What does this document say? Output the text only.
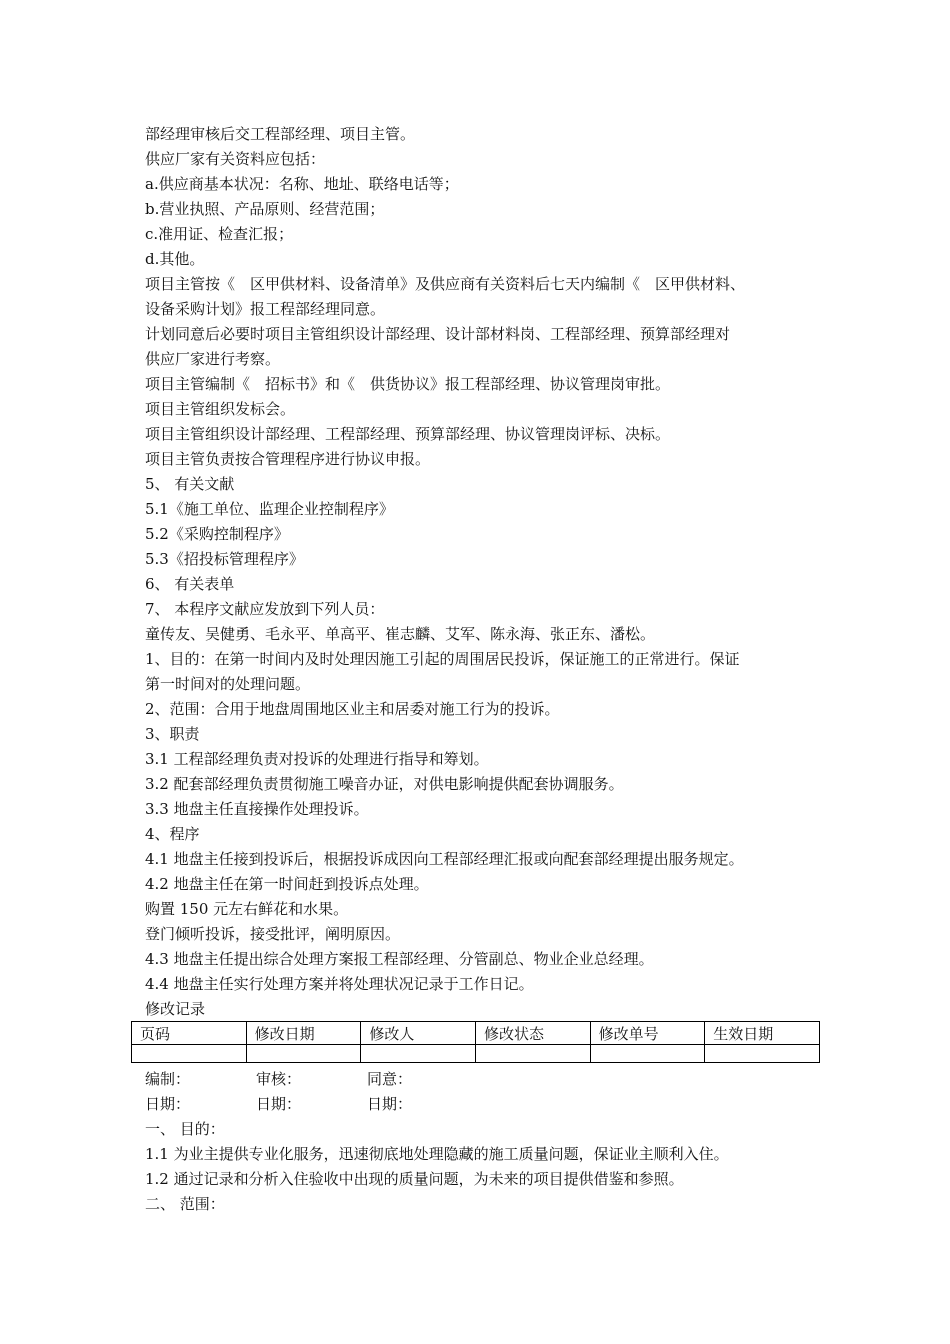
部经理审核后交工程部经理、项目主管。
供应厂家有关资料应包括：
a.供应商基本状况：名称、地址、联络电话等；
b.营业执照、产品原则、经营范围；
c.准用证、检查汇报；
d.其他。
项目主管按《　区甲供材料、设备清单》及供应商有关资料后七天内编制《　区甲供材料、
设备采购计划》报工程部经理同意。
计划同意后必要时项目主管组织设计部经理、设计部材料岗、工程部经理、预算部经理对
供应厂家进行考察。
项目主管编制《　招标书》和《　供货协议》报工程部经理、协议管理岗审批。
项目主管组织发标会。
项目主管组织设计部经理、工程部经理、预算部经理、协议管理岗评标、决标。
项目主管负责按合管理程序进行协议申报。
5、 有关文献
5.1《施工单位、监理企业控制程序》
5.2《采购控制程序》
5.3《招投标管理程序》
6、 有关表单
7、 本程序文献应发放到下列人员：
童传友、吴健勇、毛永平、单高平、崔志麟、艾军、陈永海、张正东、潘松。
1、目的：在第一时间内及时处理因施工引起的周围居民投诉，保证施工的正常进行。保证
第一时间对的处理问题。
2、范围：合用于地盘周围地区业主和居委对施工行为的投诉。
3、职责
3.1 工程部经理负责对投诉的处理进行指导和筹划。
3.2 配套部经理负责贯彻施工噪音办证，对供电影响提供配套协调服务。
3.3 地盘主任直接操作处理投诉。
4、程序
4.1 地盘主任接到投诉后，根据投诉成因向工程部经理汇报或向配套部经理提出服务规定。
4.2 地盘主任在第一时间赶到投诉点处理。
购置 150 元左右鲜花和水果。
登门倾听投诉，接受批评，阐明原因。
4.3 地盘主任提出综合处理方案报工程部经理、分管副总、物业企业总经理。
4.4 地盘主任实行处理方案并将处理状况记录于工作日记。
修改记录
页码	修改日期	修改人	修改状态	修改单号	生效日期

编制：	审核：	同意：
日期：	日期：	日期：
一、 目的：
1.1 为业主提供专业化服务，迅速彻底地处理隐藏的施工质量问题，保证业主顺利入住。
1.2 通过记录和分析入住验收中出现的质量问题，为未来的项目提供借鉴和参照。
二、 范围：
